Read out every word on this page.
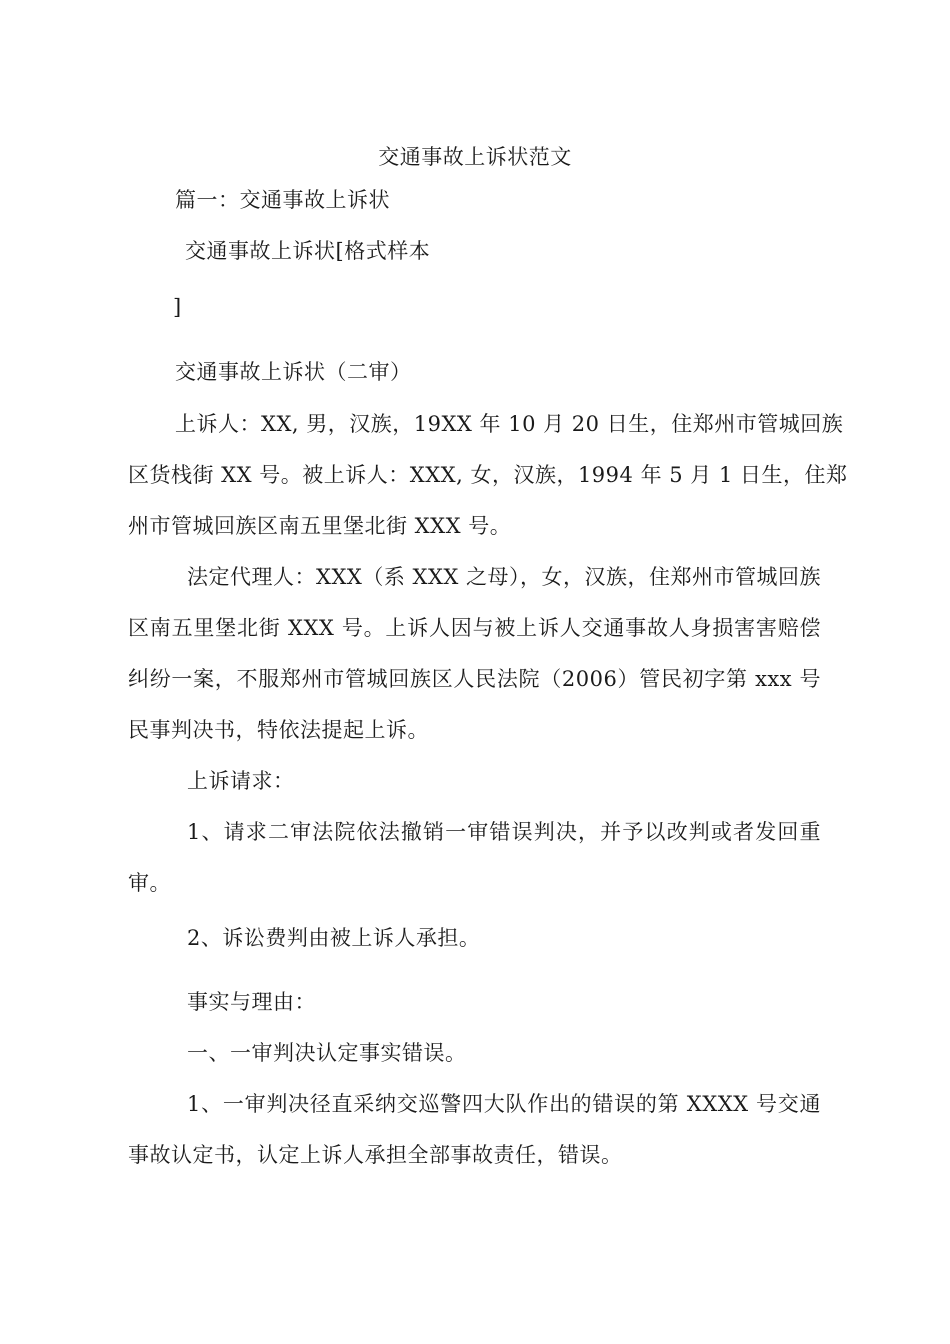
交通事故上诉状范文
篇一：交通事故上诉状
交通事故上诉状[格式样本
]
交通事故上诉状（二审）
上诉人：XX, 男，汉族，19XX 年 10 月 20 日生，住郑州市管城回族
区货栈街 XX 号。被上诉人：XXX, 女，汉族，1994 年 5 月 1 日生，住郑
州市管城回族区南五里堡北街 XXX 号。
法定代理人：XXX（系 XXX 之母），女，汉族，住郑州市管城回族
区南五里堡北街 XXX 号。上诉人因与被上诉人交通事故人身损害害赔偿
纠纷一案，不服郑州市管城回族区人民法院（2006）管民初字第 xxx 号
民事判决书，特依法提起上诉。
上诉请求：
1、请求二审法院依法撤销一审错误判决，并予以改判或者发回重
审。
2、诉讼费判由被上诉人承担。
事实与理由：
一、一审判决认定事实错误。
1、一审判决径直采纳交巡警四大队作出的错误的第 XXXX 号交通
事故认定书，认定上诉人承担全部事故责任，错误。
